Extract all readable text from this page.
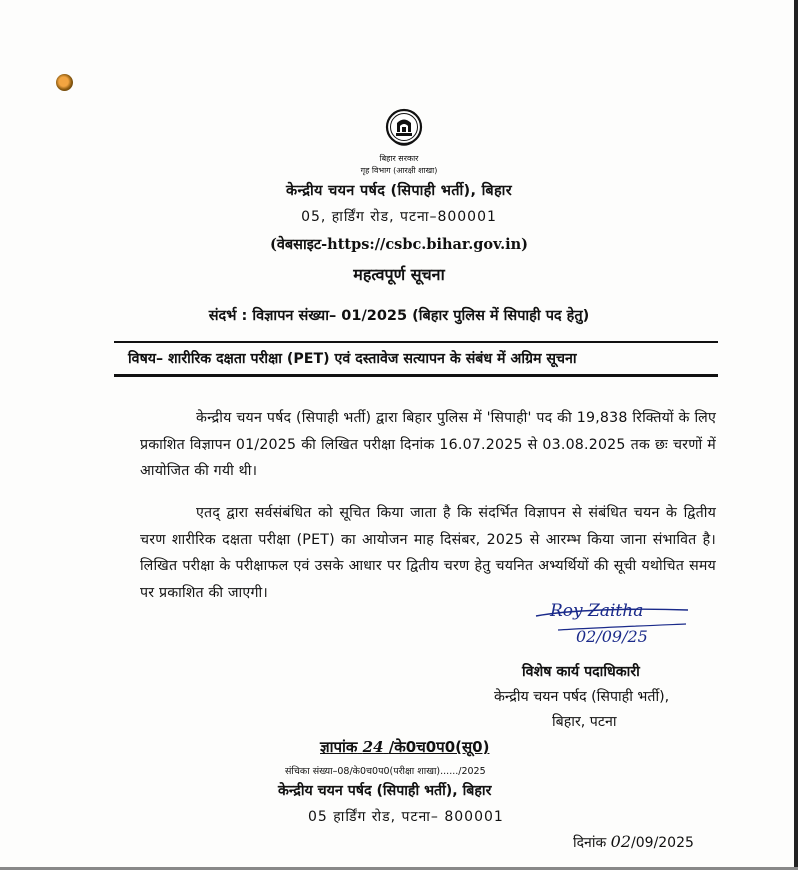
बिहार सरकार
गृह विभाग (आरक्षी शाखा)
केन्द्रीय चयन पर्षद (सिपाही भर्ती), बिहार
05, हार्डिंग रोड, पटना–800001
(वेबसाइट-https://csbc.bihar.gov.in)
महत्वपूर्ण सूचना
संदर्भ : विज्ञापन संख्या– 01/2025 (बिहार पुलिस में सिपाही पद हेतु)
विषय– शारीरिक दक्षता परीक्षा (PET) एवं दस्तावेज सत्यापन के संबंध में अग्रिम सूचना
केन्द्रीय चयन पर्षद (सिपाही भर्ती) द्वारा बिहार पुलिस में 'सिपाही' पद की 19,838 रिक्तियों के लिए प्रकाशित विज्ञापन 01/2025 की लिखित परीक्षा दिनांक 16.07.2025 से 03.08.2025 तक छः चरणों में आयोजित की गयी थी।
एतद् द्वारा सर्वसंबंधित को सूचित किया जाता है कि संदर्भित विज्ञापन से संबंधित चयन के द्वितीय चरण शारीरिक दक्षता परीक्षा (PET) का आयोजन माह दिसंबर, 2025 से आरम्भ किया जाना संभावित है। लिखित परीक्षा के परीक्षाफल एवं उसके आधार पर द्वितीय चरण हेतु चयनित अभ्यर्थियों की सूची यथोचित समय पर प्रकाशित की जाएगी।
Roy Zaitha
02/09/25
विशेष कार्य पदाधिकारी
केन्द्रीय चयन पर्षद (सिपाही भर्ती),
बिहार, पटना
ज्ञापांक 24 /के0च0प0(सू0)
संचिका संख्या–08/के0च0प0(परीक्षा शाखा)....../2025
केन्द्रीय चयन पर्षद (सिपाही भर्ती), बिहार
05 हार्डिंग रोड, पटना– 800001
दिनांक 02/09/2025
